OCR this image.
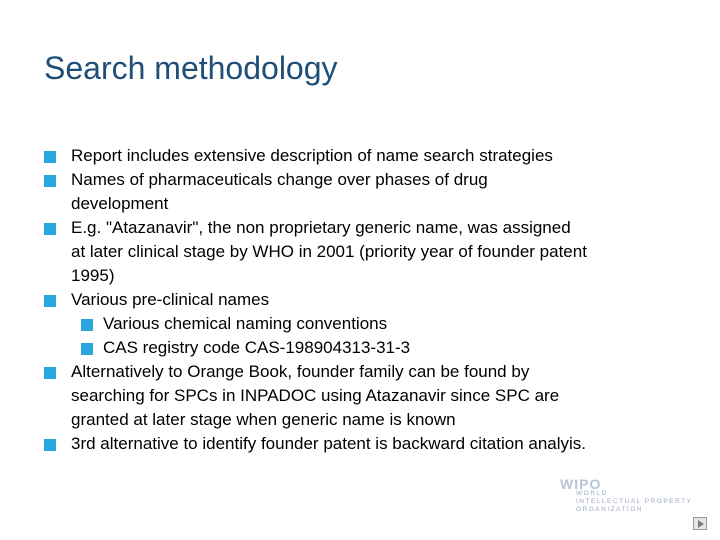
Search methodology
Report includes extensive description of name search strategies
Names of pharmaceuticals change over phases of drug
development
E.g. "Atazanavir", the non proprietary generic name, was assigned
at later clinical stage by WHO in 2001 (priority year of founder patent
1995)
Various pre-clinical names
Various chemical naming conventions
CAS registry code CAS-198904313-31-3
Alternatively to Orange Book, founder family can be found by
searching for SPCs in INPADOC using Atazanavir since SPC are
granted at later stage when generic name is known
3rd alternative to identify founder patent is backward citation analyis.
WIPO
WORLD
INTELLECTUAL PROPERTY
ORGANIZATION
